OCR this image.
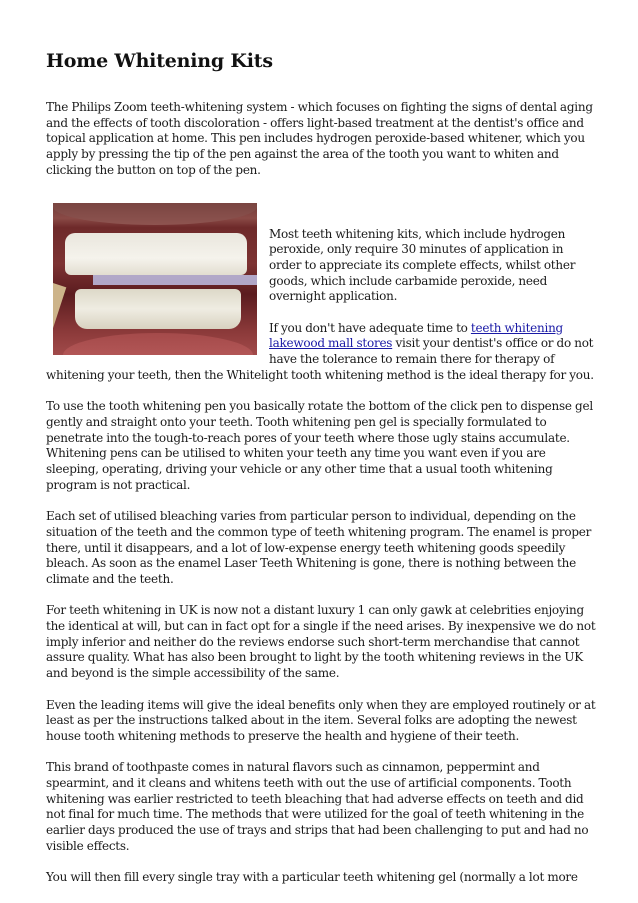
Home Whitening Kits

The Philips Zoom teeth-whitening system - which focuses on fighting the signs of dental aging and the effects of tooth discoloration - offers light-based treatment at the dentist's office and topical application at home. This pen includes hydrogen peroxide-based whitener, which you apply by pressing the tip of the pen against the area of the tooth you want to whiten and clicking the button on top of the pen.

Most teeth whitening kits, which include hydrogen peroxide, only require 30 minutes of application in order to appreciate its complete effects, whilst other goods, which include carbamide peroxide, need overnight application.

If you don't have adequate time to teeth whitening lakewood mall stores visit your dentist's office or do not have the tolerance to remain there for therapy of whitening your teeth, then the Whitelight tooth whitening method is the ideal therapy for you.

To use the tooth whitening pen you basically rotate the bottom of the click pen to dispense gel gently and straight onto your teeth. Tooth whitening pen gel is specially formulated to penetrate into the tough-to-reach pores of your teeth where those ugly stains accumulate. Whitening pens can be utilised to whiten your teeth any time you want even if you are sleeping, operating, driving your vehicle or any other time that a usual tooth whitening program is not practical.

Each set of utilised bleaching varies from particular person to individual, depending on the situation of the teeth and the common type of teeth whitening program. The enamel is proper there, until it disappears, and a lot of low-expense energy teeth whitening goods speedily bleach. As soon as the enamel Laser Teeth Whitening is gone, there is nothing between the climate and the teeth.

For teeth whitening in UK is now not a distant luxury 1 can only gawk at celebrities enjoying the identical at will, but can in fact opt for a single if the need arises. By inexpensive we do not imply inferior and neither do the reviews endorse such short-term merchandise that cannot assure quality. What has also been brought to light by the tooth whitening reviews in the UK and beyond is the simple accessibility of the same.

Even the leading items will give the ideal benefits only when they are employed routinely or at least as per the instructions talked about in the item. Several folks are adopting the newest house tooth whitening methods to preserve the health and hygiene of their teeth.

This brand of toothpaste comes in natural flavors such as cinnamon, peppermint and spearmint, and it cleans and whitens teeth with out the use of artificial components. Tooth whitening was earlier restricted to teeth bleaching that had adverse effects on teeth and did not final for much time. The methods that were utilized for the goal of teeth whitening in the earlier days produced the use of trays and strips that had been challenging to put and had no visible effects.

You will then fill every single tray with a particular teeth whitening gel (normally a lot more
